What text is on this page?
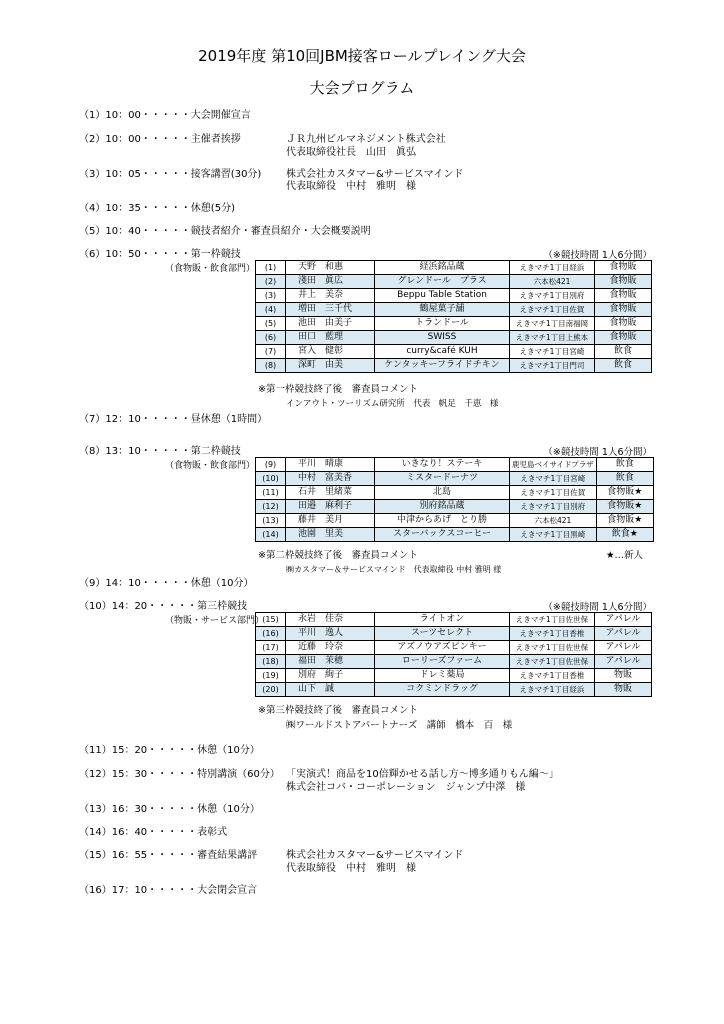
2019年度 第10回JBM接客ロールプレイング大会
大会プログラム
（1）10：00・・・・・大会開催宣言
（2）10：00・・・・・主催者挨拶	ＪＲ九州ビルマネジメント株式会社
代表取締役社長　山田　眞弘
（3）10：05・・・・・接客講習(30分) 株式会社カスタマー&サービスマインド
代表取締役　中村　雅明　様
（4）10：35・・・・・休憩(5分)
（5）10：40・・・・・競技者紹介・審査員紹介・大会概要説明
（6）10：50・・・・・第一枠競技	（※競技時間 1人6分間）
（食物販・飲食部門） (1)	天野　和惠	経浜銘品蔵	えきマチ1丁目経浜	食物販
(2)	淺田　眞広	グレンドール　プラス	六本松421	食物販
(3)	井上　美奈	Beppu Table Station	えきマチ1丁目別府	食物販
(4)	増田　三千代	鶴屋菓子舗	えきマチ1丁目佐賀	食物販
(5)	池田　由美子	トランドール	えきマチ1丁目南福岡	食物販
(6)	田口　藍理	SWISS	えきマチ1丁目上熊本	食物販
(7)	宮入　健彰	curry&café KUH	えきマチ1丁目宮崎	飲食
(8)	深町　由美	ケンタッキーフライドチキン	えきマチ1丁目門司	飲食
※第一枠競技終了後　審査員コメント
インアウト・ツーリズム研究所　代表　帆足　千恵　様
（7）12：10・・・・・昼休憩（1時間）
（8）13：10・・・・・第二枠競技	（※競技時間 1人6分間）
（食物販・飲食部門） (9)	平川　晴康	いきなり！ステーキ	鹿児島ベイサイドプラザ	飲食
(10)	中村　富美香	ミスタードーナツ	えきマチ1丁目宮崎	飲食
(11)	石井　里緒菜	北島	えきマチ1丁目佐賀	食物販★
(12)	田邉　麻利子	別府銘品蔵	えきマチ1丁目別府	食物販★
(13)	藤井　美月	中津からあげ　とり勝	六本松421	食物販★
(14)	池園　里美	スターバックスコーヒー	えきマチ1丁目黒崎	飲食★
※第二枠競技終了後　審査員コメント	★…新人
㈱カスタマー＆サービスマインド　代表取締役 中村 雅明 様
（9）14：10・・・・・休憩（10分）
（10）14：20・・・・・第三枠競技	（※競技時間 1人6分間）
（物販・サービス部門）
(15)	永岩　佳奈	ライトオン	えきマチ1丁目佐世保	アパレル
(16)	平川　逸人	スーツセレクト	えきマチ1丁目香椎	アパレル
(17)	近藤　玲奈	アズノウアズピンキー	えきマチ1丁目佐世保	アパレル
(18)	福田　茉穂	ローリーズファーム	えきマチ1丁目佐世保	アパレル
(19)	別府　絢子	ドレミ薬局	えきマチ1丁目香椎	物販
(20)	山下　誠	コクミンドラッグ	えきマチ1丁目経浜	物販
※第三枠競技終了後　審査員コメント
㈱ワールドストアパートナーズ　講師　橋本　百　様
（11）15：20・・・・・休憩（10分）
（12）15：30・・・・・特別講演（60分） 「実演式！商品を10倍輝かせる話し方～博多通りもん編～」
株式会社コバ・コーポレーション　ジャンプ中澤　様
（13）16：30・・・・・休憩（10分）
（14）16：40・・・・・表彰式
（15）16：55・・・・・審査結果講評	株式会社カスタマー&サービスマインド
代表取締役　中村　雅明　様
（16）17：10・・・・・大会閉会宣言
